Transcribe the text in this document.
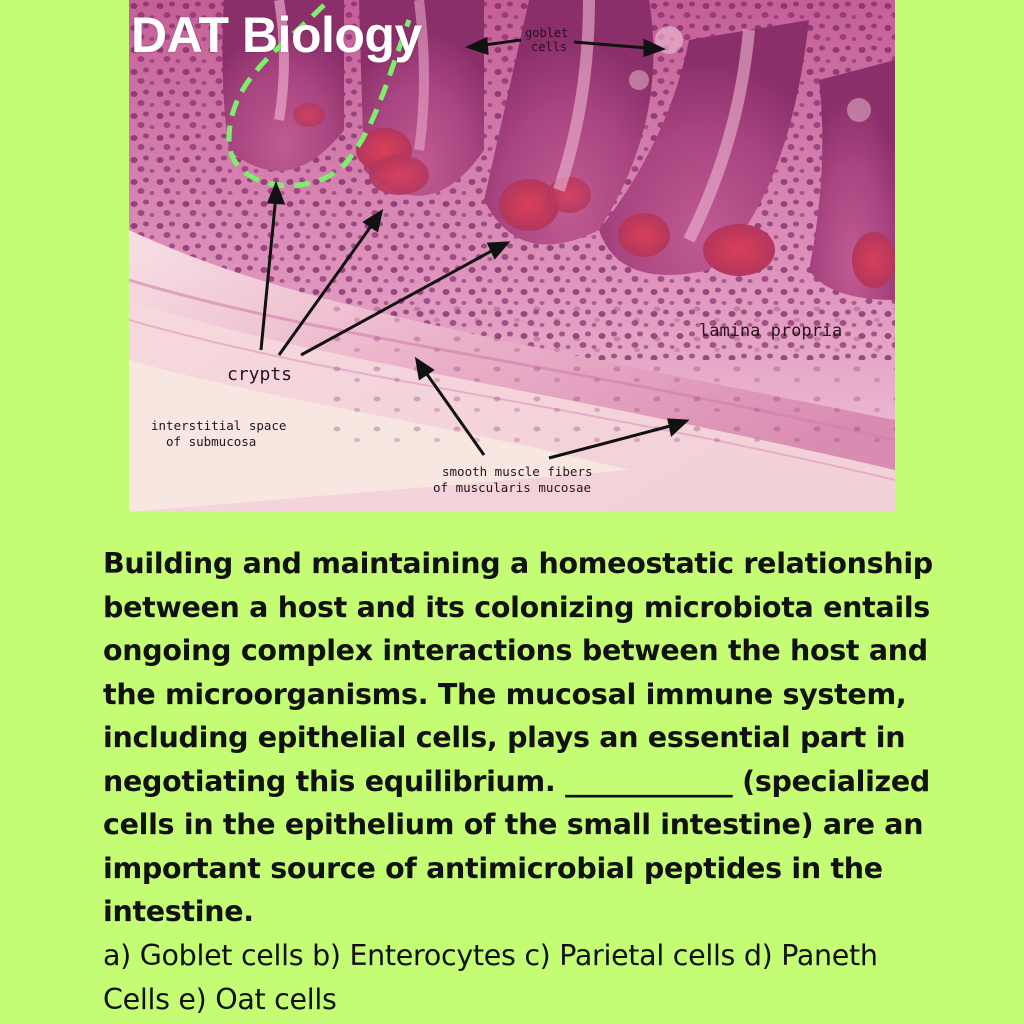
goblet
cells
lamina propria
crypts
interstitial space
of submucosa
smooth muscle fibers
of muscularis mucosae
DAT Biology
Building and maintaining a homeostatic relationship between a host and its colonizing microbiota entails ongoing complex interactions between the host and the microorganisms. The mucosal immune system, including epithelial cells, plays an essential part in negotiating this equilibrium. ____________ (specialized cells in the epithelium of the small intestine) are an important source of antimicrobial peptides in the intestine.
a) Goblet cells b) Enterocytes c) Parietal cells d) Paneth Cells e) Oat cells
